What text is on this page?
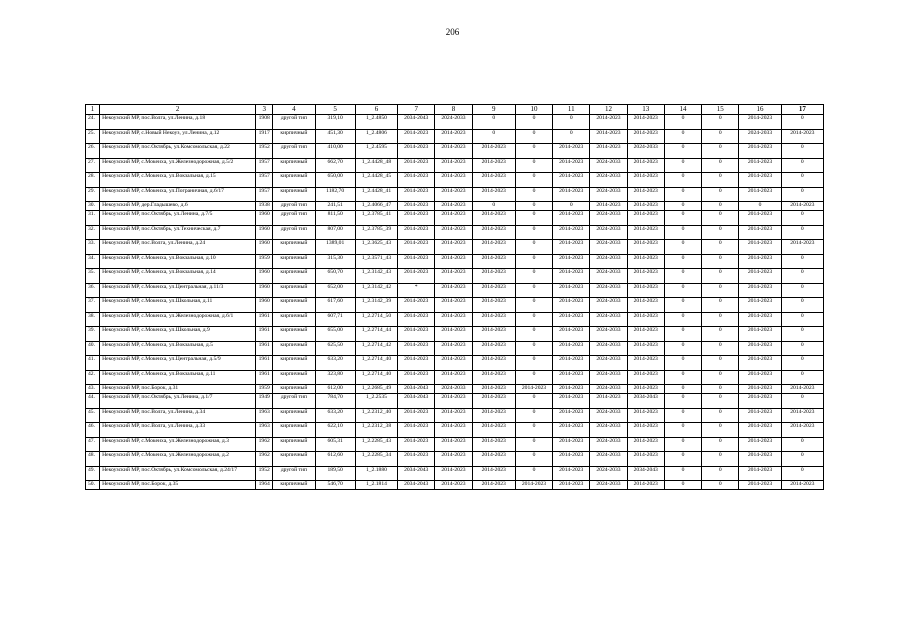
206
1	2	3	4	5	6	7	8	9	10	11	12	13	14	15	16	17
24.	Некоузский МР, пос.Волга, ул.Ленина, д.18	1908	другой тип	319,10	1_2.4850	2034-2043	2024-2033	0	0	0	2014-2023	2014-2023	0	0	2014-2023	0
25.	Некоузский МР, с.Новый Некоуз, ул.Ленина, д.12	1917	кирпичный	451,30	1_2.4806	2014-2023	2014-2023	0	0	0	2014-2023	2014-2023	0	0	2024-2033	2014-2023
26.	Некоузский МР, пос.Октябрь, ул.Комсомольская, д.22	1952	другой тип	410,00	1_2.4595	2014-2023	2014-2023	2014-2023	0	2014-2023	2014-2023	2024-2033	0	0	2014-2023	0
27.	Некоузский МР, с.Мокеиха, ул.Железнодорожная, д.5/2	1957	кирпичный	662,70	1_2.4428_48	2014-2023	2014-2023	2014-2023	0	2014-2023	2024-2033	2014-2023	0	0	2014-2023	0
28.	Некоузский МР, с.Мокеиха, ул.Вокзальная, д.15	1957	кирпичный	650,00	1_2.4428_45	2014-2023	2014-2023	2014-2023	0	2014-2023	2024-2033	2014-2023	0	0	2014-2023	0
29.	Некоузский МР, с.Мокеиха, ул.Пограничная, д.6/17	1957	кирпичный	1182,70	1_2.4428_41	2014-2023	2014-2023	2014-2023	0	2014-2023	2024-2033	2014-2023	0	0	2014-2023	0
30.	Некоузский МР, дер.Гладышево, д.6	1938	другой тип	241,51	1_2.4066_47	2014-2023	2014-2023	0	0	0	2014-2023	2014-2023	0	0	0	2014-2023
31.	Некоузский МР, пос.Октябрь, ул.Ленина, д.7/5	1960	другой тип	811,50	1_2.3785_41	2014-2023	2014-2023	2014-2023	0	2014-2023	2024-2033	2014-2023	0	0	2014-2023	0
32.	Некоузский МР, пос.Октябрь, ул.Техническая, д.7	1960	другой тип	807,00	1_2.3785_39	2014-2023	2014-2023	2014-2023	0	2014-2023	2024-2033	2014-2023	0	0	2014-2023	0
33.	Некоузский МР, пос.Волга, ул.Ленина, д.24	1960	кирпичный	1389,01	1_2.3625_43	2014-2023	2014-2023	2014-2023	0	2014-2023	2024-2033	2014-2023	0	0	2014-2023	2014-2023
34.	Некоузский МР, с.Мокеиха, ул.Вокзальная, д.10	1959	кирпичный	315,30	1_2.3571_43	2014-2023	2014-2023	2014-2023	0	2014-2023	2024-2033	2014-2023	0	0	2014-2023	0
35.	Некоузский МР, с.Мокеиха, ул.Вокзальная, д.14	1960	кирпичный	650,70	1_2.3142_43	2014-2023	2014-2023	2014-2023	0	2014-2023	2024-2033	2014-2023	0	0	2014-2023	0
36.	Некоузский МР, с.Мокеиха, ул.Центральная, д.11/3	1960	кирпичный	652,00	1_2.3142_42	*	2014-2023	2014-2023	0	2014-2023	2024-2033	2014-2023	0	0	2014-2023	0
37.	Некоузский МР, с.Мокеиха, ул.Школьная, д.11	1960	кирпичный	617,60	1_2.3142_39	2014-2023	2014-2023	2014-2023	0	2014-2023	2024-2033	2014-2023	0	0	2014-2023	0
38.	Некоузский МР, с.Мокеиха, ул.Железнодорожная, д.6/1	1961	кирпичный	607,71	1_2.2714_50	2014-2023	2014-2023	2014-2023	0	2014-2023	2024-2033	2014-2023	0	0	2014-2023	0
39.	Некоузский МР, с.Мокеиха, ул.Школьная, д.9	1961	кирпичный	655,00	1_2.2714_44	2014-2023	2014-2023	2014-2023	0	2014-2023	2024-2033	2014-2023	0	0	2014-2023	0
40.	Некоузский МР, с.Мокеиха, ул.Вокзальная, д.5	1961	кирпичный	625,50	1_2.2714_42	2014-2023	2014-2023	2014-2023	0	2014-2023	2024-2033	2014-2023	0	0	2014-2023	0
41.	Некоузский МР, с.Мокеиха, ул.Центральная, д.5/9	1961	кирпичный	633,20	1_2.2714_40	2014-2023	2014-2023	2014-2023	0	2014-2023	2024-2033	2014-2023	0	0	2014-2023	0
42.	Некоузский МР, с.Мокеиха, ул.Вокзальная, д.11	1961	кирпичный	323,80	1_2.2714_40	2014-2023	2014-2023	2014-2023	0	2014-2023	2024-2033	2014-2023	0	0	2014-2023	0
43.	Некоузский МР, пос.Борок, д.31	1959	кирпичный	612,00	1_2.2685_49	2034-2043	2024-2033	2014-2023	2014-2023	2014-2023	2024-2033	2014-2023	0	0	2014-2023	2014-2023
44.	Некоузский МР, пос.Октябрь, ул.Ленина, д.1/7	1949	другой тип	784,70	1_2.2535	2034-2043	2014-2023	2014-2023	0	2014-2023	2014-2023	2034-2043	0	0	2014-2023	0
45.	Некоузский МР, пос.Волга, ул.Ленина, д.34	1963	кирпичный	633,20	1_2.2312_40	2014-2023	2014-2023	2014-2023	0	2014-2023	2024-2033	2014-2023	0	0	2014-2023	2014-2023
46.	Некоузский МР, пос.Волга, ул.Ленина, д.33	1963	кирпичный	622,10	1_2.2312_38	2014-2023	2014-2023	2014-2023	0	2014-2023	2024-2033	2014-2023	0	0	2014-2023	2014-2023
47.	Некоузский МР, с.Мокеиха, ул.Железнодорожная, д.3	1962	кирпичный	605,31	1_2.2285_43	2014-2023	2014-2023	2014-2023	0	2014-2023	2024-2033	2014-2023	0	0	2014-2023	0
48.	Некоузский МР, с.Мокеиха, ул.Железнодорожная, д.2	1962	кирпичный	612,60	1_2.2285_34	2014-2023	2014-2023	2014-2023	0	2014-2023	2024-2033	2014-2023	0	0	2014-2023	0
49.	Некоузский МР, пос.Октябрь, ул.Комсомольская, д.24/17	1952	другой тип	189,50	1_2.1880	2034-2043	2014-2023	2014-2023	0	2014-2023	2024-2033	2034-2043	0	0	2014-2023	0
50.	Некоузский МР, пос.Борок, д.35	1964	кирпичный	546,70	1_2.1814	2034-2043	2014-2023	2014-2023	2014-2023	2014-2023	2024-2033	2014-2023	0	0	2014-2023	2014-2023
